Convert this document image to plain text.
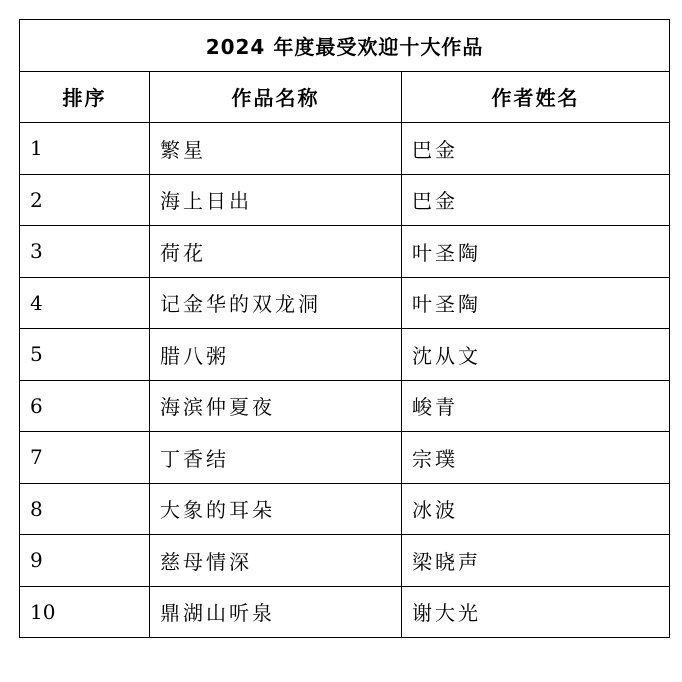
2024 年度最受欢迎十大作品		
排序	作品名称	作者姓名
1	繁星	巴金
2	海上日出	巴金
3	荷花	叶圣陶
4	记金华的双龙洞	叶圣陶
5	腊八粥	沈从文
6	海滨仲夏夜	峻青
7	丁香结	宗璞
8	大象的耳朵	冰波
9	慈母情深	梁晓声
10	鼎湖山听泉	谢大光
